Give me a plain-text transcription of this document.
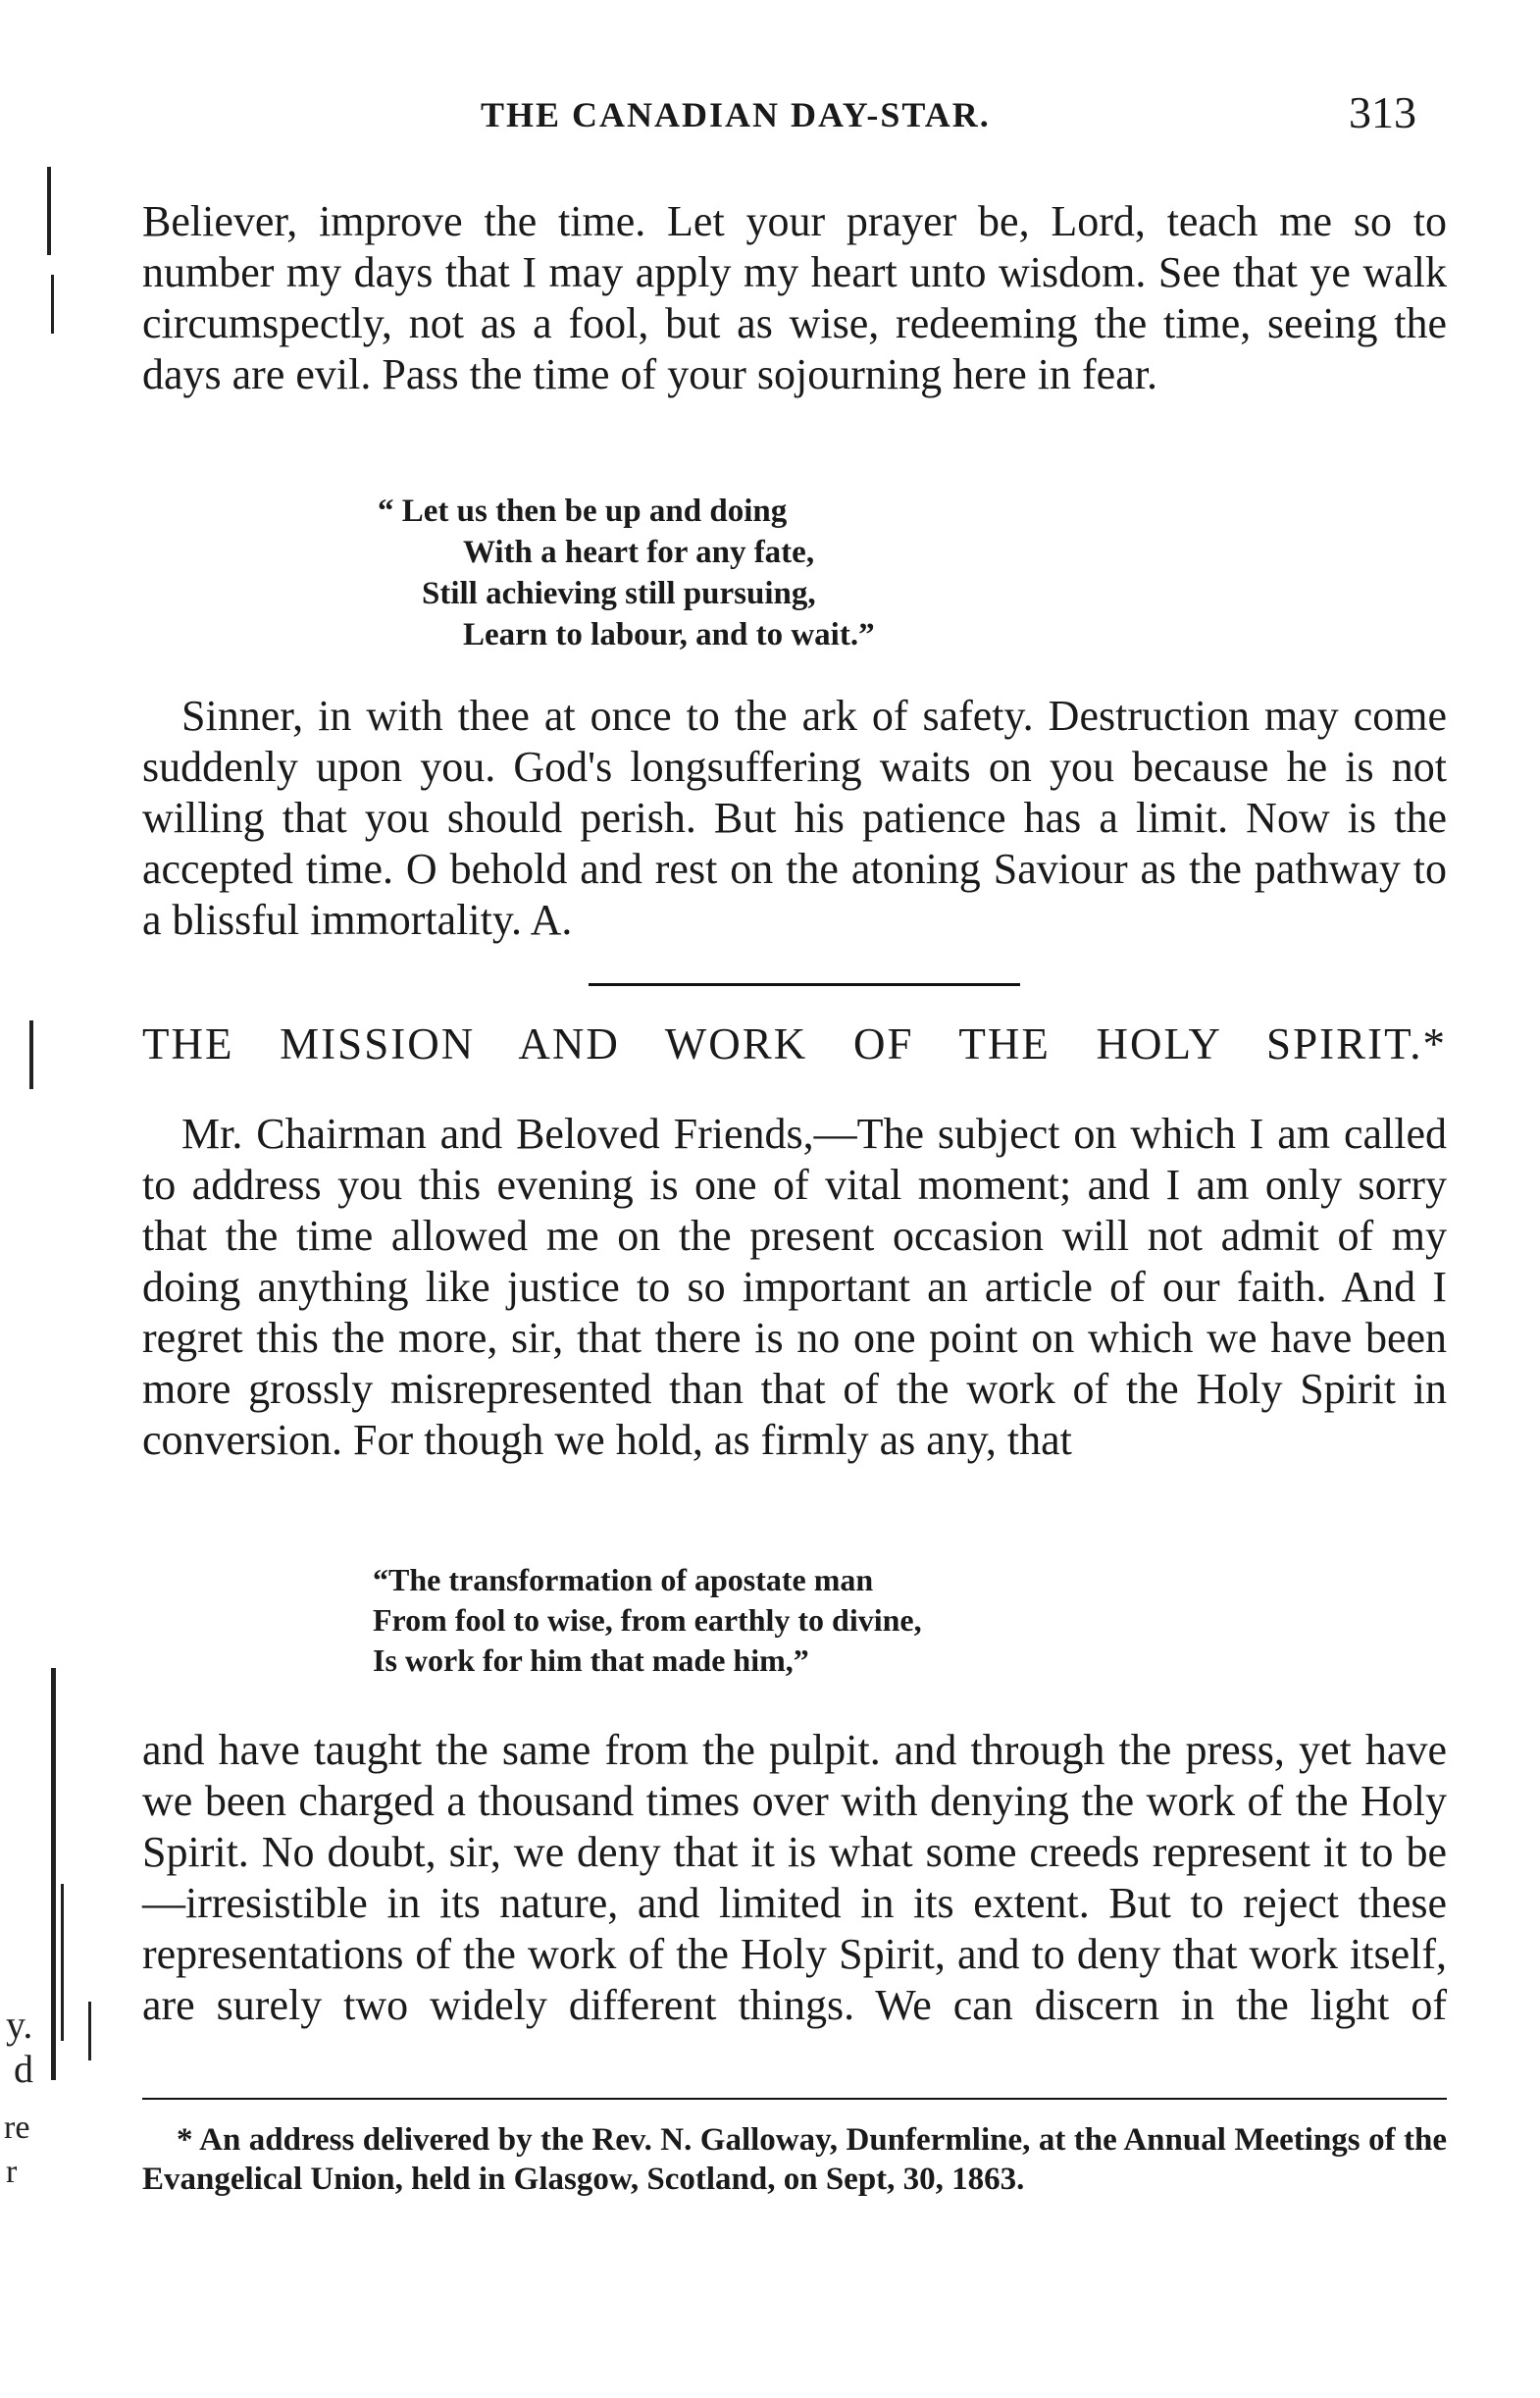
y.
d
re
r
THE CANADIAN DAY-STAR.	313

Believer, improve the time. Let your prayer be, Lord, teach me so to number my days that I may apply my heart unto wisdom. See that ye walk circumspectly, not as a fool, but as wise, redeeming the time, seeing the days are evil. Pass the time of your sojourning here in fear.

“ Let us then be up and doing
With a heart for any fate,
Still achieving still pursuing,
Learn to labour, and to wait.”

Sinner, in with thee at once to the ark of safety. Destruction may come suddenly upon you. God's longsuffering waits on you because he is not willing that you should perish. But his patience has a limit. Now is the accepted time. O behold and rest on the atoning Saviour as the pathway to a blissful immortality. A.

THE MISSION AND WORK OF THE HOLY SPIRIT.*

Mr. Chairman and Beloved Friends,—The subject on which I am called to address you this evening is one of vital moment; and I am only sorry that the time allowed me on the present occasion will not admit of my doing anything like justice to so important an article of our faith. And I regret this the more, sir, that there is no one point on which we have been more grossly misrepresented than that of the work of the Holy Spirit in conversion. For though we hold, as firmly as any, that

“The transformation of apostate man
From fool to wise, from earthly to divine,
Is work for him that made him,”

and have taught the same from the pulpit. and through the press, yet have we been charged a thousand times over with denying the work of the Holy Spirit. No doubt, sir, we deny that it is what some creeds represent it to be—irresistible in its nature, and limited in its extent. But to reject these representations of the work of the Holy Spirit, and to deny that work itself, are surely two widely different things. We can discern in the light of

* An address delivered by the Rev. N. Galloway, Dunfermline, at the Annual Meetings of the Evangelical Union, held in Glasgow, Scotland, on Sept, 30, 1863.
